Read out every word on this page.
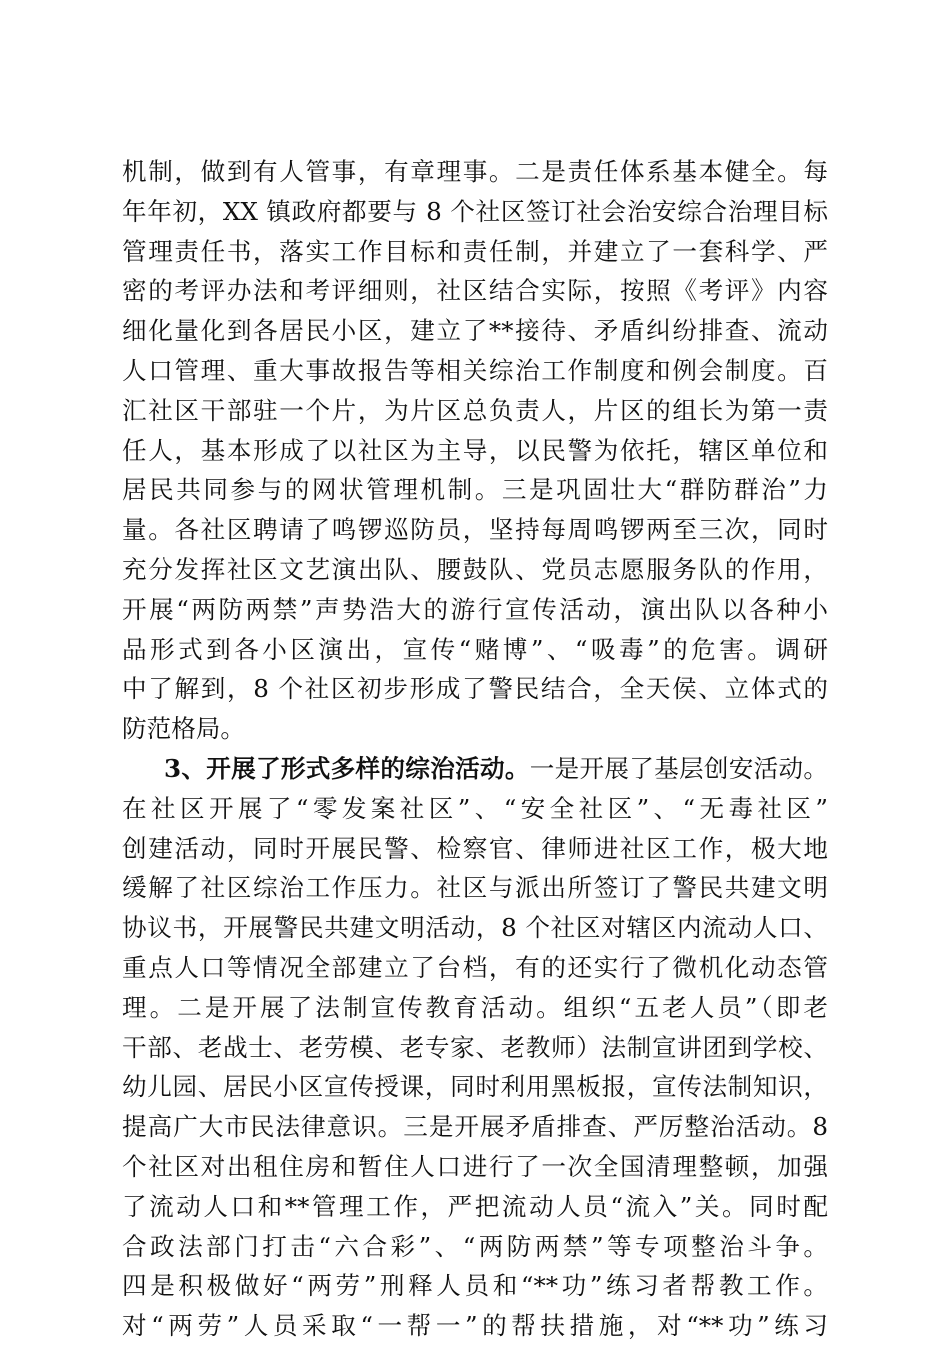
机制，做到有人管事，有章理事。二是责任体系基本健全。每
年年初，XX 镇政府都要与 8 个社区签订社会治安综合治理目标
管理责任书，落实工作目标和责任制，并建立了一套科学、严
密的考评办法和考评细则，社区结合实际，按照《考评》内容
细化量化到各居民小区，建立了**接待、矛盾纠纷排查、流动
人口管理、重大事故报告等相关综治工作制度和例会制度。百
汇社区干部驻一个片，为片区总负责人，片区的组长为第一责
任人，基本形成了以社区为主导，以民警为依托，辖区单位和
居民共同参与的网状管理机制。三是巩固壮大“群防群治”力
量。各社区聘请了鸣锣巡防员，坚持每周鸣锣两至三次，同时
充分发挥社区文艺演出队、腰鼓队、党员志愿服务队的作用，
开展“两防两禁”声势浩大的游行宣传活动，演出队以各种小
品形式到各小区演出，宣传“赌博”、“吸毒”的危害。调研
中了解到，8 个社区初步形成了警民结合，全天侯、立体式的
防范格局。
3、开展了形式多样的综治活动。一是开展了基层创安活动。
在社区开展了“零发案社区”、“安全社区”、“无毒社区”
创建活动，同时开展民警、检察官、律师进社区工作，极大地
缓解了社区综治工作压力。社区与派出所签订了警民共建文明
协议书，开展警民共建文明活动，8 个社区对辖区内流动人口、
重点人口等情况全部建立了台档，有的还实行了微机化动态管
理。二是开展了法制宣传教育活动。组织“五老人员”（即老
干部、老战士、老劳模、老专家、老教师）法制宣讲团到学校、
幼儿园、居民小区宣传授课，同时利用黑板报，宣传法制知识，
提高广大市民法律意识。三是开展矛盾排查、严厉整治活动。8
个社区对出租住房和暂住人口进行了一次全国清理整顿，加强
了流动人口和**管理工作，严把流动人员“流入”关。同时配
合政法部门打击“六合彩”、“两防两禁”等专项整治斗争。
四是积极做好“两劳”刑释人员和“**功”练习者帮教工作。
对“两劳”人员采取“一帮一”的帮扶措施，对“**功”练习
